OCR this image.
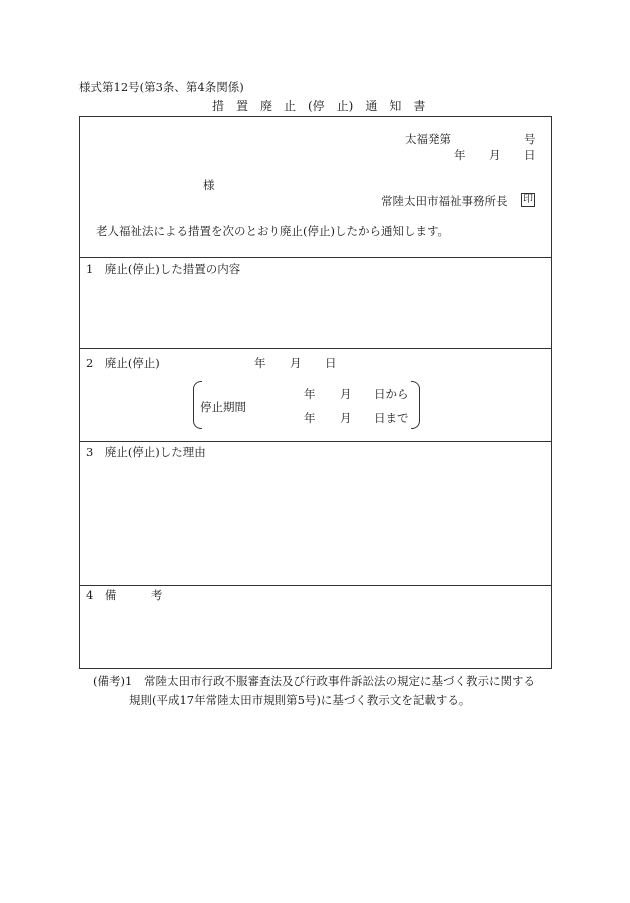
様式第12号(第3条、第4条関係)
措　置　廃　止　(停　止)　通　知　書
太福発第	号
年 月 日
様
常陸太田市福祉事務所長 印
老人福祉法による措置を次のとおり廃止(停止)したから通知します。
1　廃止(停止)した措置の内容
2　廃止(停止)	年 月 日
停止期間
年 月 日から
年 月 日まで
3　廃止(停止)した理由
4　備　　　考
(備考)1 常陸太田市行政不服審査法及び行政事件訴訟法の規定に基づく教示に関する
規則(平成17年常陸太田市規則第5号)に基づく教示文を記載する。
